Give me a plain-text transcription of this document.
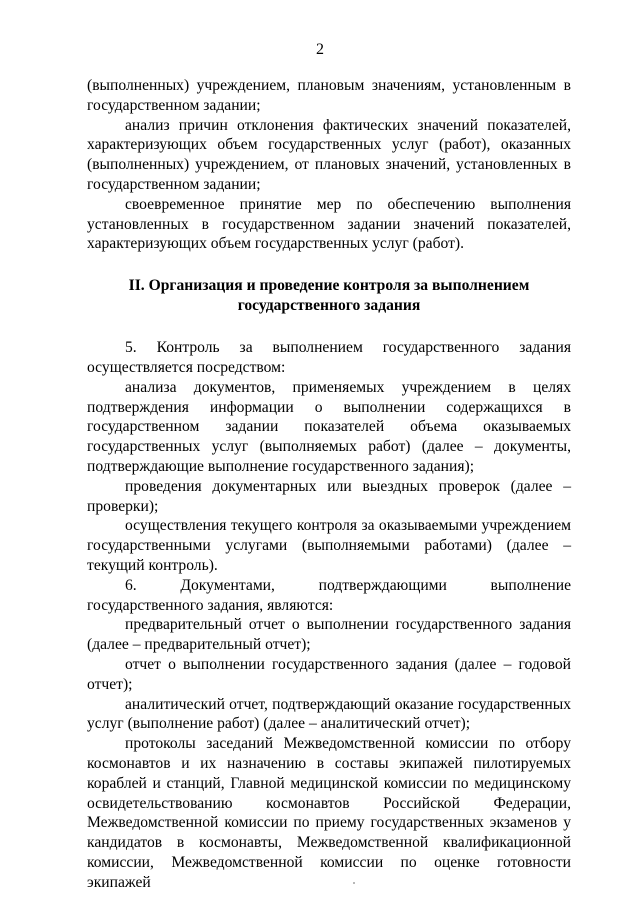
2

(выполненных) учреждением, плановым значениям, установленным в государственном задании;

анализ причин отклонения фактических значений показателей, характеризующих объем государственных услуг (работ), оказанных (выполненных) учреждением, от плановых значений, установленных в государственном задании;

своевременное принятие мер по обеспечению выполнения установленных в государственном задании значений показателей, характеризующих объем государственных услуг (работ).

II. Организация и проведение контроля за выполнением
государственного задания

5. Контроль за выполнением государственного задания осуществляется посредством:

анализа документов, применяемых учреждением в целях подтверждения информации о выполнении содержащихся в государственном задании показателей объема оказываемых государственных услуг (выполняемых работ) (далее – документы, подтверждающие выполнение государственного задания);

проведения документарных или выездных проверок (далее – проверки);

осуществления текущего контроля за оказываемыми учреждением государственными услугами (выполняемыми работами) (далее – текущий контроль).

6. Документами, подтверждающими выполнение государственного задания, являются:

предварительный отчет о выполнении государственного задания (далее – предварительный отчет);

отчет о выполнении государственного задания (далее – годовой отчет);

аналитический отчет, подтверждающий оказание государственных услуг (выполнение работ) (далее – аналитический отчет);

протоколы заседаний Межведомственной комиссии по отбору космонавтов и их назначению в составы экипажей пилотируемых кораблей и станций, Главной медицинской комиссии по медицинскому освидетельствованию космонавтов Российской Федерации, Межведомственной комиссии по приему государственных экзаменов у кандидатов в космонавты, Межведомственной квалификационной комиссии, Межведомственной комиссии по оценке готовности экипажей
